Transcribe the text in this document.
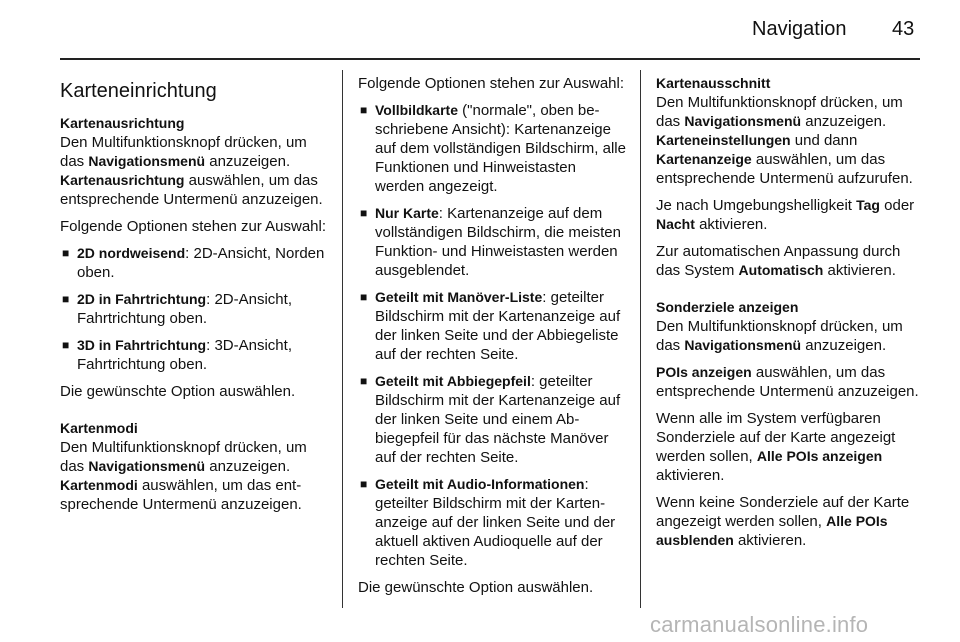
Navigation 43
Karteneinrichtung
Kartenausrichtung

Den Multifunktionsknopf drücken, um das Navigationsmenü anzuzeigen. Kartenausrichtung auswählen, um das entsprechende Untermenü anzuzeigen.

Folgende Optionen stehen zur Auswahl:

■ 2D nordweisend: 2D-Ansicht, Norden oben.
■ 2D in Fahrtrichtung: 2D-Ansicht, Fahrtrichtung oben.
■ 3D in Fahrtrichtung: 3D-Ansicht, Fahrtrichtung oben.

Die gewünschte Option auswählen.

Kartenmodi

Den Multifunktionsknopf drücken, um das Navigationsmenü anzuzeigen. Kartenmodi auswählen, um das entsprechende Untermenü anzuzeigen.

Folgende Optionen stehen zur Auswahl:

■ Vollbildkarte ("normale", oben beschriebene Ansicht): Kartenanzeige auf dem vollständigen Bildschirm, alle Funktionen und Hinweistasten werden angezeigt.
■ Nur Karte: Kartenanzeige auf dem vollständigen Bildschirm, die meisten Funktion- und Hinweistasten werden ausgeblendet.
■ Geteilt mit Manöver-Liste: geteilter Bildschirm mit der Kartenanzeige auf der linken Seite und der Abbiegeliste auf der rechten Seite.
■ Geteilt mit Abbiegepfeil: geteilter Bildschirm mit der Kartenanzeige auf der linken Seite und einem Abbiegepfeil für das nächste Manöver auf der rechten Seite.
■ Geteilt mit Audio-Informationen: geteilter Bildschirm mit der Kartenanzeige auf der linken Seite und der aktuell aktiven Audioquelle auf der rechten Seite.

Die gewünschte Option auswählen.

Kartenausschnitt

Den Multifunktionsknopf drücken, um das Navigationsmenü anzuzeigen. Karteneinstellungen und dann Kartenanzeige auswählen, um das entsprechende Untermenü aufzurufen.

Je nach Umgebungshelligkeit Tag oder Nacht aktivieren.

Zur automatischen Anpassung durch das System Automatisch aktivieren.

Sonderziele anzeigen

Den Multifunktionsknopf drücken, um das Navigationsmenü anzuzeigen.

POIs anzeigen auswählen, um das entsprechende Untermenü anzuzeigen.

Wenn alle im System verfügbaren Sonderziele auf der Karte angezeigt werden sollen, Alle POIs anzeigen aktivieren.

Wenn keine Sonderziele auf der Karte angezeigt werden sollen, Alle POIs ausblenden aktivieren.

carmanualsonline.info
